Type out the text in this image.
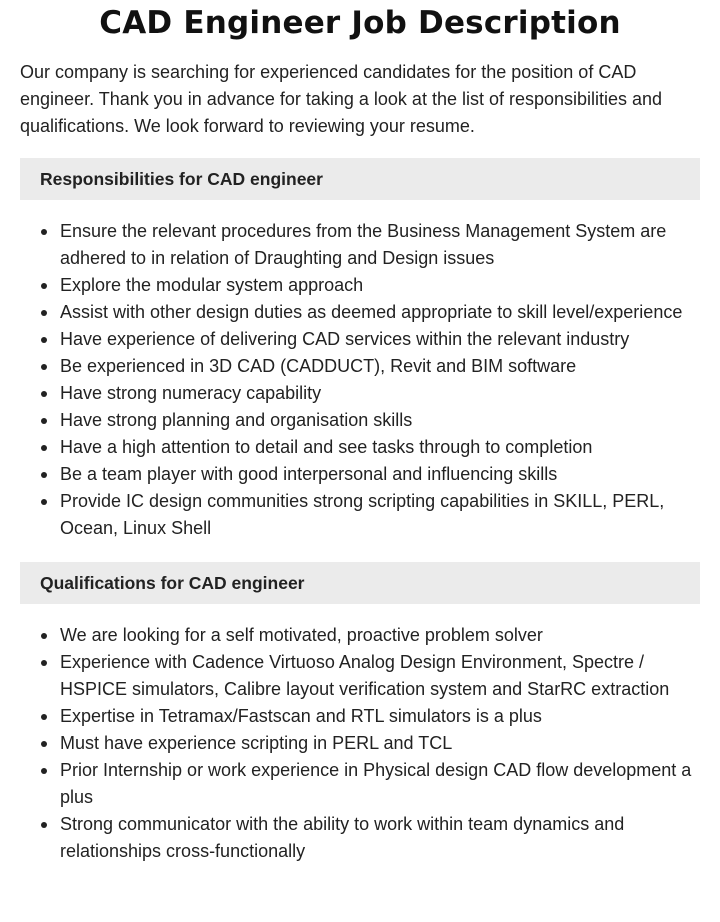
CAD Engineer Job Description

Our company is searching for experienced candidates for the position of CAD engineer. Thank you in advance for taking a look at the list of responsibilities and qualifications. We look forward to reviewing your resume.

Responsibilities for CAD engineer
Ensure the relevant procedures from the Business Management System are adhered to in relation of Draughting and Design issues
Explore the modular system approach
Assist with other design duties as deemed appropriate to skill level/experience
Have experience of delivering CAD services within the relevant industry
Be experienced in 3D CAD (CADDUCT), Revit and BIM software
Have strong numeracy capability
Have strong planning and organisation skills
Have a high attention to detail and see tasks through to completion
Be a team player with good interpersonal and influencing skills
Provide IC design communities strong scripting capabilities in SKILL, PERL, Ocean, Linux Shell
Qualifications for CAD engineer
We are looking for a self motivated, proactive problem solver
Experience with Cadence Virtuoso Analog Design Environment, Spectre / HSPICE simulators, Calibre layout verification system and StarRC extraction
Expertise in Tetramax/Fastscan and RTL simulators is a plus
Must have experience scripting in PERL and TCL
Prior Internship or work experience in Physical design CAD flow development a plus
Strong communicator with the ability to work within team dynamics and relationships cross-functionally
